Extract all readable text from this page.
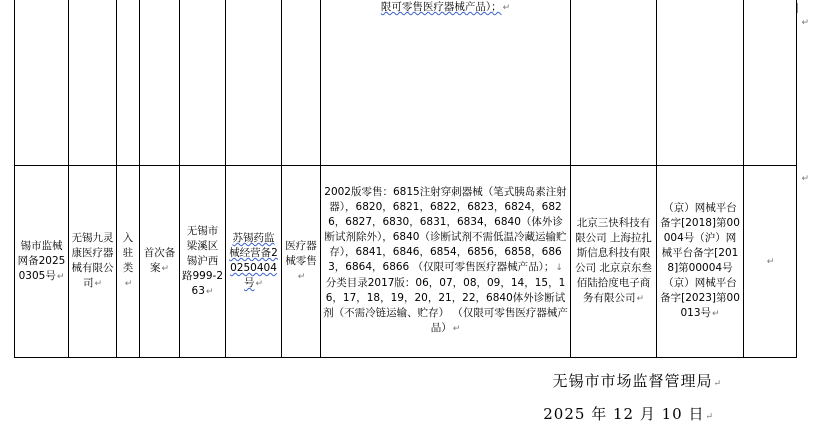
							限可零售医疗器械产品）；↵			
锡市监械网备20250305号↵	无锡九灵康医疗器械有限公司↵	入驻类↵	首次备案↵	无锡市梁溪区锡沪西路999-263↵	苏锡药监械经营备20250404号↵	医疗器械零售↵	2002版零售：6815注射穿刺器械（笔式胰岛素注射器），6820，6821，6822，6823，6824，6826，6827，6830，6831，6834，6840（体外诊断试剂除外），6840（诊断试剂不需低温冷藏运输贮存），6841，6846，6854，6856，6858，6863，6864，6866 （仅限可零售医疗器械产品）；↓

分类目录2017版：06，07，08，09，14，15，16，17，18，19，20，21，22，6840体外诊断试剂（不需冷链运输、贮存） （仅限可零售医疗器械产品）↵	北京三快科技有限公司 上海拉扎斯信息科技有限公司 北京京东叁佰陆拾度电子商务有限公司↵	（京）网械平台备字[2018]第00004号（沪）网械平台备字[2018]第00004号（京）网械平台备字[2023]第00013号↵	↵
↵
↵
无锡市市场监督管理局↵
2025 年 12 月 10 日↵
